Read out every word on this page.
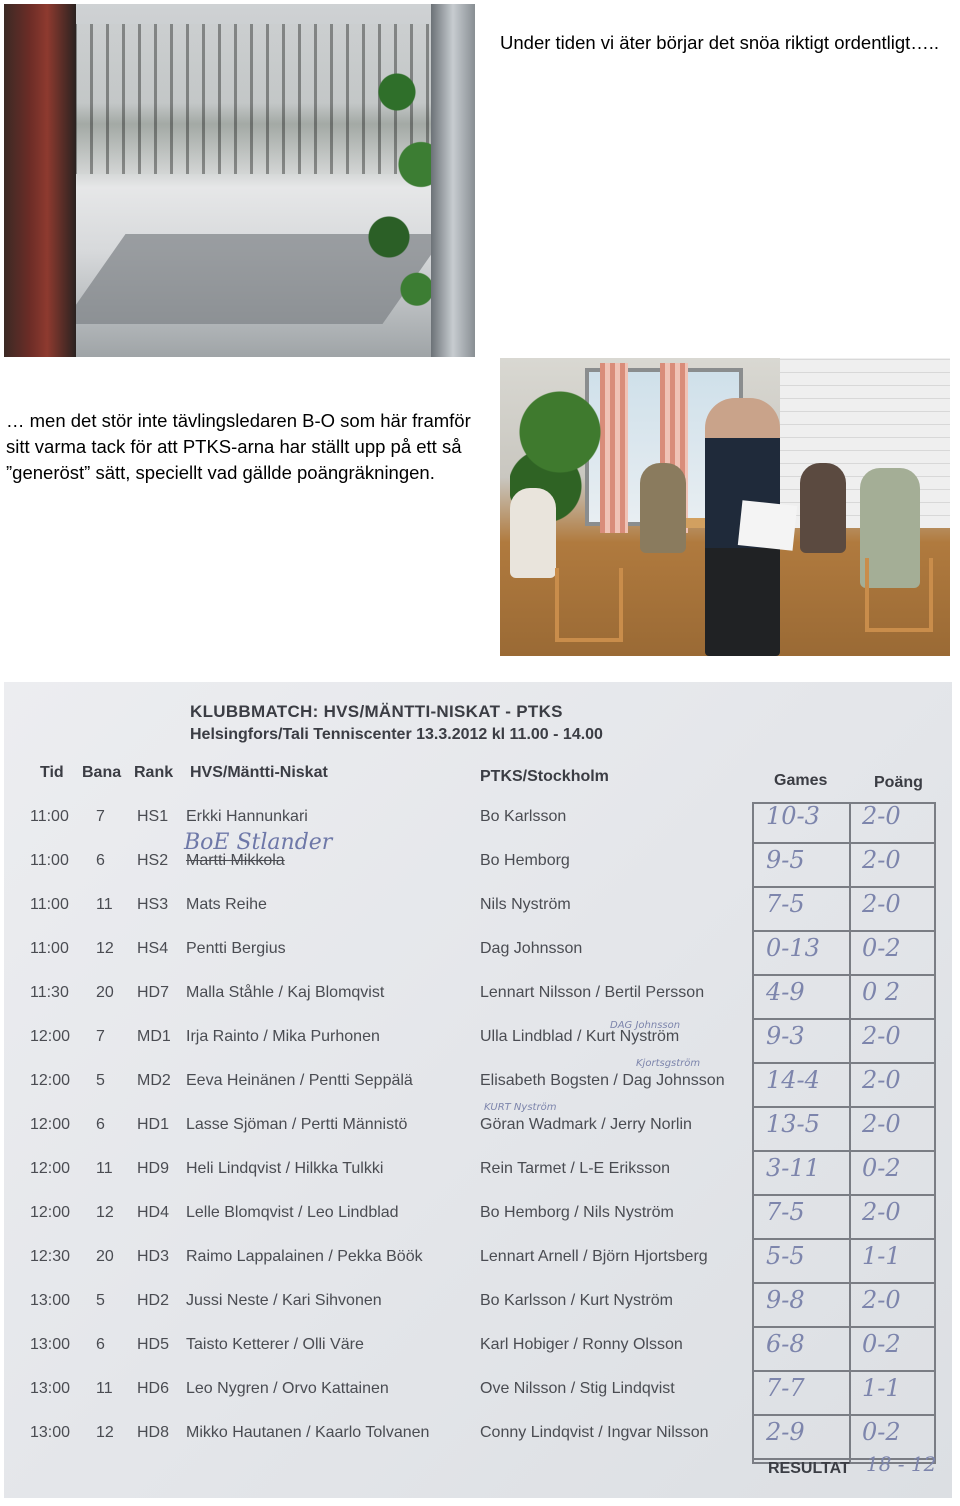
Under tiden vi äter börjar det snöa riktigt ordentligt…..
… men det stör inte tävlingsledaren B-O som här framför sitt varma tack för att PTKS-arna har ställt upp på ett så ”generöst” sätt, speciellt vad gällde poängräkningen.
KLUBBMATCH: HVS/MÄNTTI-NISKAT - PTKS
Helsingfors/Tali Tenniscenter 13.3.2012 kl 11.00 - 14.00
Tid Bana Rank HVS/Mäntti-Niskat	PTKS/Stockholm	Games	Poäng
11:00 7 HS1 Erkki Hannunkari	Bo Karlsson	10-3 2-0
11:00 6 HS2 Martti Mikkola	Bo Hemborg	9-5 2-0
11:00 11 HS3 Mats Reihe	Nils Nyström	7-5 2-0
11:00 12 HS4 Pentti Bergius	Dag Johnsson	0-13 0-2
11:30 20 HD7 Malla Ståhle / Kaj Blomqvist	Lennart Nilsson / Bertil Persson	4-9 0 2
12:00 7 MD1 Irja Rainto / Mika Purhonen	Ulla Lindblad / Kurt Nyström	9-3 2-0
12:00 5 MD2 Eeva Heinänen / Pentti Seppälä	Elisabeth Bogsten / Dag Johnsson 14-4 2-0
12:00 6 HD1 Lasse Sjöman / Pertti Männistö	Göran Wadmark / Jerry Norlin	13-5 2-0
12:00 11 HD9 Heli Lindqvist / Hilkka Tulkki	Rein Tarmet / L-E Eriksson	3-11 0-2
12:00 12 HD4 Lelle Blomqvist / Leo Lindblad	Bo Hemborg / Nils Nyström	7-5 2-0
12:30 20 HD3 Raimo Lappalainen / Pekka Böök	Lennart Arnell / Björn Hjortsberg 5-5 1-1
13:00 5 HD2 Jussi Neste / Kari Sihvonen	Bo Karlsson / Kurt Nyström	9-8 2-0
13:00 6 HD5 Taisto Ketterer / Olli Väre	Karl Hobiger / Ronny Olsson	6-8 0-2
13:00 11 HD6 Leo Nygren / Orvo Kattainen	Ove Nilsson / Stig Lindqvist	7-7 1-1
13:00 12 HD8 Mikko Hautanen / Kaarlo Tolvanen	Conny Lindqvist / Ingvar Nilsson 2-9 0-2
BoE Stlander
DAG Johnsson
Kjortsgström
KURT Nyström
RESULTAT 18 - 12
